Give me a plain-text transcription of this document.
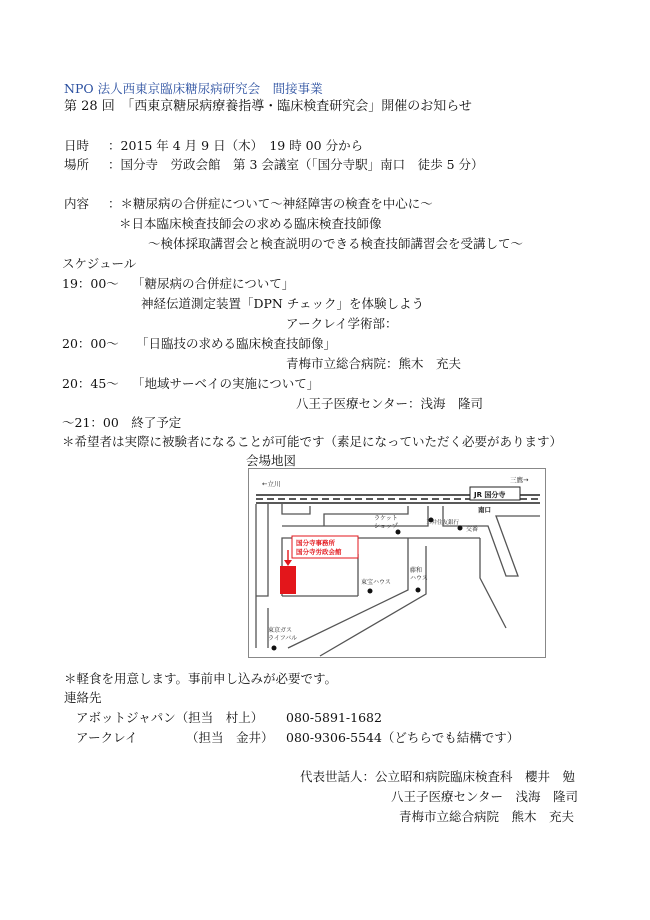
NPO 法人西東京臨床糖尿病研究会　間接事業
第 28 回　「西東京糖尿病療養指導・臨床検査研究会」開催のお知らせ
日時 ：2015 年 4 月 9 日（木）　19 時 00 分から
場所 ：国分寺　労政会館　第 3 会議室（「国分寺駅」南口　徒歩 5 分）
内容 ：＊糖尿病の合併症について〜神経障害の検査を中心に〜
＊日本臨床検査技師会の求める臨床検査技師像
〜検体採取講習会と検査説明のできる検査技師講習会を受講して〜
スケジュール
19：00〜 「糖尿病の合併症について」
神経伝道測定装置「DPN チェック」を体験しよう
アークレイ学術部：
20：00〜 「日臨技の求める臨床検査技師像」
青梅市立総合病院：熊木　充夫
20：45〜 「地域サーベイの実施について」
八王子医療センター：浅海　隆司
〜21：00　終了予定
＊希望者は実際に被験者になることが可能です（素足になっていただく必要があります）
会場地図
国分寺事務所
国分寺労政会館
JR 国分寺
南口
←立川	三鷹→
ラケット
ショップ	三井住友銀行
交番
東宝ハウス
藤和
ハウス
東京ガス
ライフバル
＊軽食を用意します。事前申し込みが必要です。
連絡先
アボットジャパン（担当　村上） 080-5891-1682
アークレイ	（担当　金井） 080-9306-5544（どちらでも結構です）
代表世話人：公立昭和病院臨床検査科　櫻井　勉
八王子医療センター　浅海　隆司
青梅市立総合病院　熊木　充夫
